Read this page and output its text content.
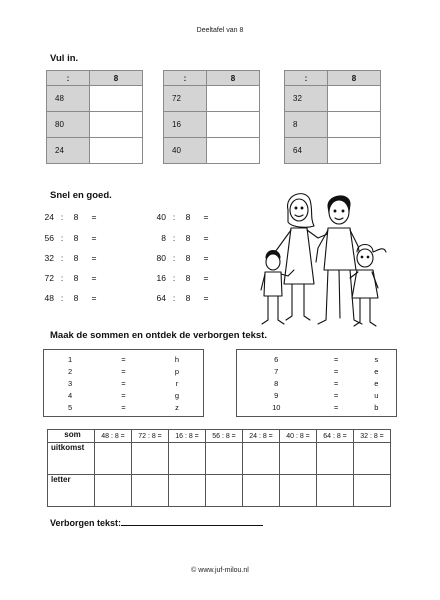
Deeltafel van 8
Vul in.
:	8
48	
80	
24	
:	8
72	
16	
40	
:	8
32	
8	
64	
Snel en goed.
24 : 8 =
56 : 8 =
32 : 8 =
72 : 8 =
48 : 8 =
40 : 8 =
8 : 8 =
80 : 8 =
16 : 8 =
64 : 8 =
Maak de sommen en ontdek de verborgen tekst.
1	=	h
2	=	p
3	=	r
4	=	g
5	=	z
6	=	s
7	=	e
8	=	e
9	=	u
10	=	b
som	48 : 8 =	72 : 8 =	16 : 8 =	56 : 8 =	24 : 8 =	40 : 8 =	64 : 8 =	32 : 8 =
uitkomst								
letter								
Verborgen tekst:
© www.juf-milou.nl
